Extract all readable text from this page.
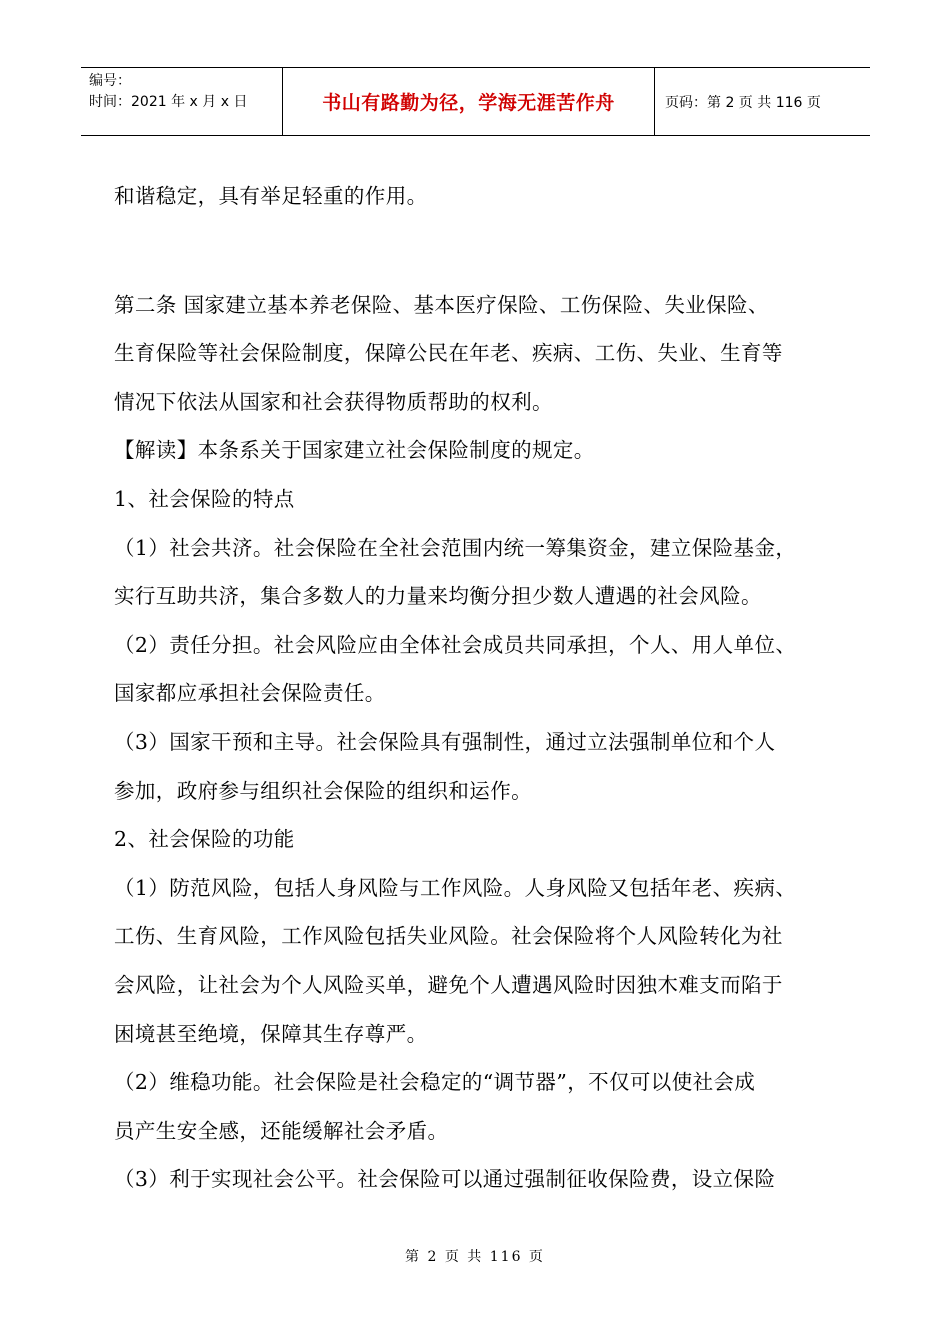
编号：
时间：2021 年 x 月 x 日	书山有路勤为径，学海无涯苦作舟	页码：第 2 页 共 116 页

和谐稳定，具有举足轻重的作用。

第二条 国家建立基本养老保险、基本医疗保险、工伤保险、失业保险、

生育保险等社会保险制度，保障公民在年老、疾病、工伤、失业、生育等

情况下依法从国家和社会获得物质帮助的权利。

【解读】本条系关于国家建立社会保险制度的规定。

1、社会保险的特点

（1）社会共济。社会保险在全社会范围内统一筹集资金，建立保险基金，

实行互助共济，集合多数人的力量来均衡分担少数人遭遇的社会风险。

（2）责任分担。社会风险应由全体社会成员共同承担，个人、用人单位、

国家都应承担社会保险责任。

（3）国家干预和主导。社会保险具有强制性，通过立法强制单位和个人

参加，政府参与组织社会保险的组织和运作。

2、社会保险的功能

（1）防范风险，包括人身风险与工作风险。人身风险又包括年老、疾病、

工伤、生育风险，工作风险包括失业风险。社会保险将个人风险转化为社

会风险，让社会为个人风险买单，避免个人遭遇风险时因独木难支而陷于

困境甚至绝境，保障其生存尊严。

（2）维稳功能。社会保险是社会稳定的“调节器”，不仅可以使社会成

员产生安全感，还能缓解社会矛盾。

（3）利于实现社会公平。社会保险可以通过强制征收保险费，设立保险

第 2 页 共 116 页
